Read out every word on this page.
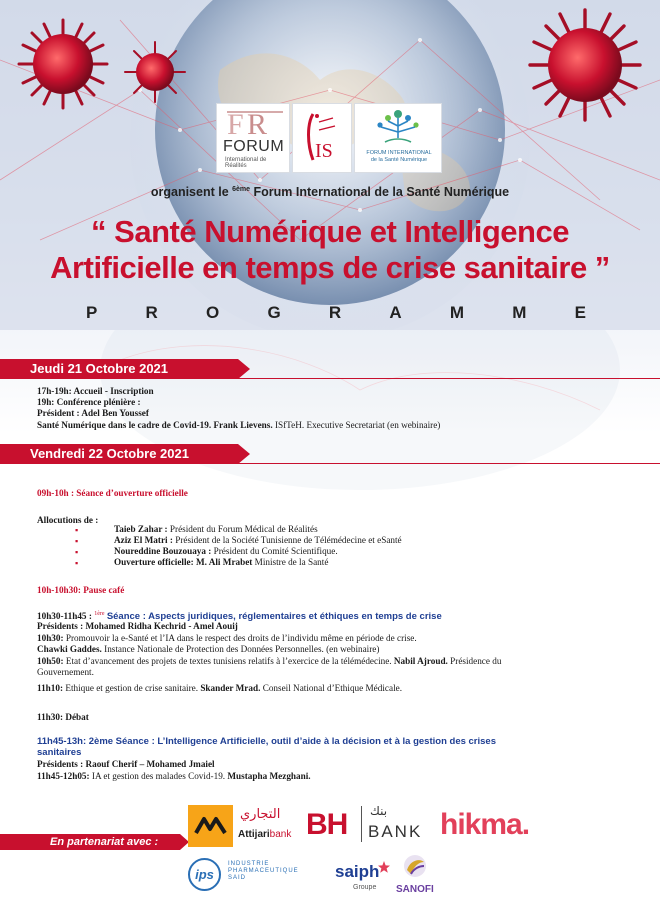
F R
FORUM
International de Réalités
IS	FORUM INTERNATIONAL
de la Santé Numérique
organisent le $^{6ème}$ Forum International de la Santé Numérique
“ Santé Numérique et Intelligence
Artificielle en temps de crise sanitaire ”
P	R	O	G	R	A	M	M	E
Jeudi 21 Octobre 2021
17h-19h: Accueil - Inscription
19h: Conférence plénière :
Président : Adel Ben Youssef
Santé Numérique dans le cadre de Covid-19. Frank Lievens. ISfTeH. Executive Secretariat (en webinaire)
Vendredi 22 Octobre 2021
09h-10h : Séance d’ouverture officielle
Allocutions de :
▪	Taieb Zahar : Président du Forum Médical de Réalités
▪	Aziz El Matri : Président de la Société Tunisienne de Télémédecine et eSanté
▪	Noureddine Bouzouaya : Président du Comité Scientifique.
▪	Ouverture officielle: M. Ali Mrabet Ministre de la Santé
10h-10h30: Pause café
10h30-11h45 : $^{1ère}$ Séance : Aspects juridiques, réglementaires et éthiques en temps de crise
Présidents : Mohamed Ridha Kechrid - Amel Aouij
10h30: Promouvoir la e-Santé et l’IA dans le respect des droits de l’individu même en période de crise.
Chawki Gaddes. Instance Nationale de Protection des Données Personnelles. (en webinaire)
10h50: Etat d’avancement des projets de textes tunisiens relatifs à l’exercice de la télémédecine. Nabil Ajroud. Présidence du
Gouvernement.
11h10: Ethique et gestion de crise sanitaire. Skander Mrad. Conseil National d’Ethique Médicale.
11h30: Débat
11h45-13h: 2ème Séance : L’Intelligence Artificielle, outil d’aide à la décision et à la gestion des crises
sanitaires
Présidents : Raouf Cherif – Mohamed Jmaiel
11h45-12h05: IA et gestion des malades Covid-19. Mustapha Mezghani.
En partenariat avec :
التجاري
Attijaribank BH بنك
BANK hikma.
ips
INDUSTRIE
PHARMACEUTIQUE
SAID	saiph
Groupe SANOFI
